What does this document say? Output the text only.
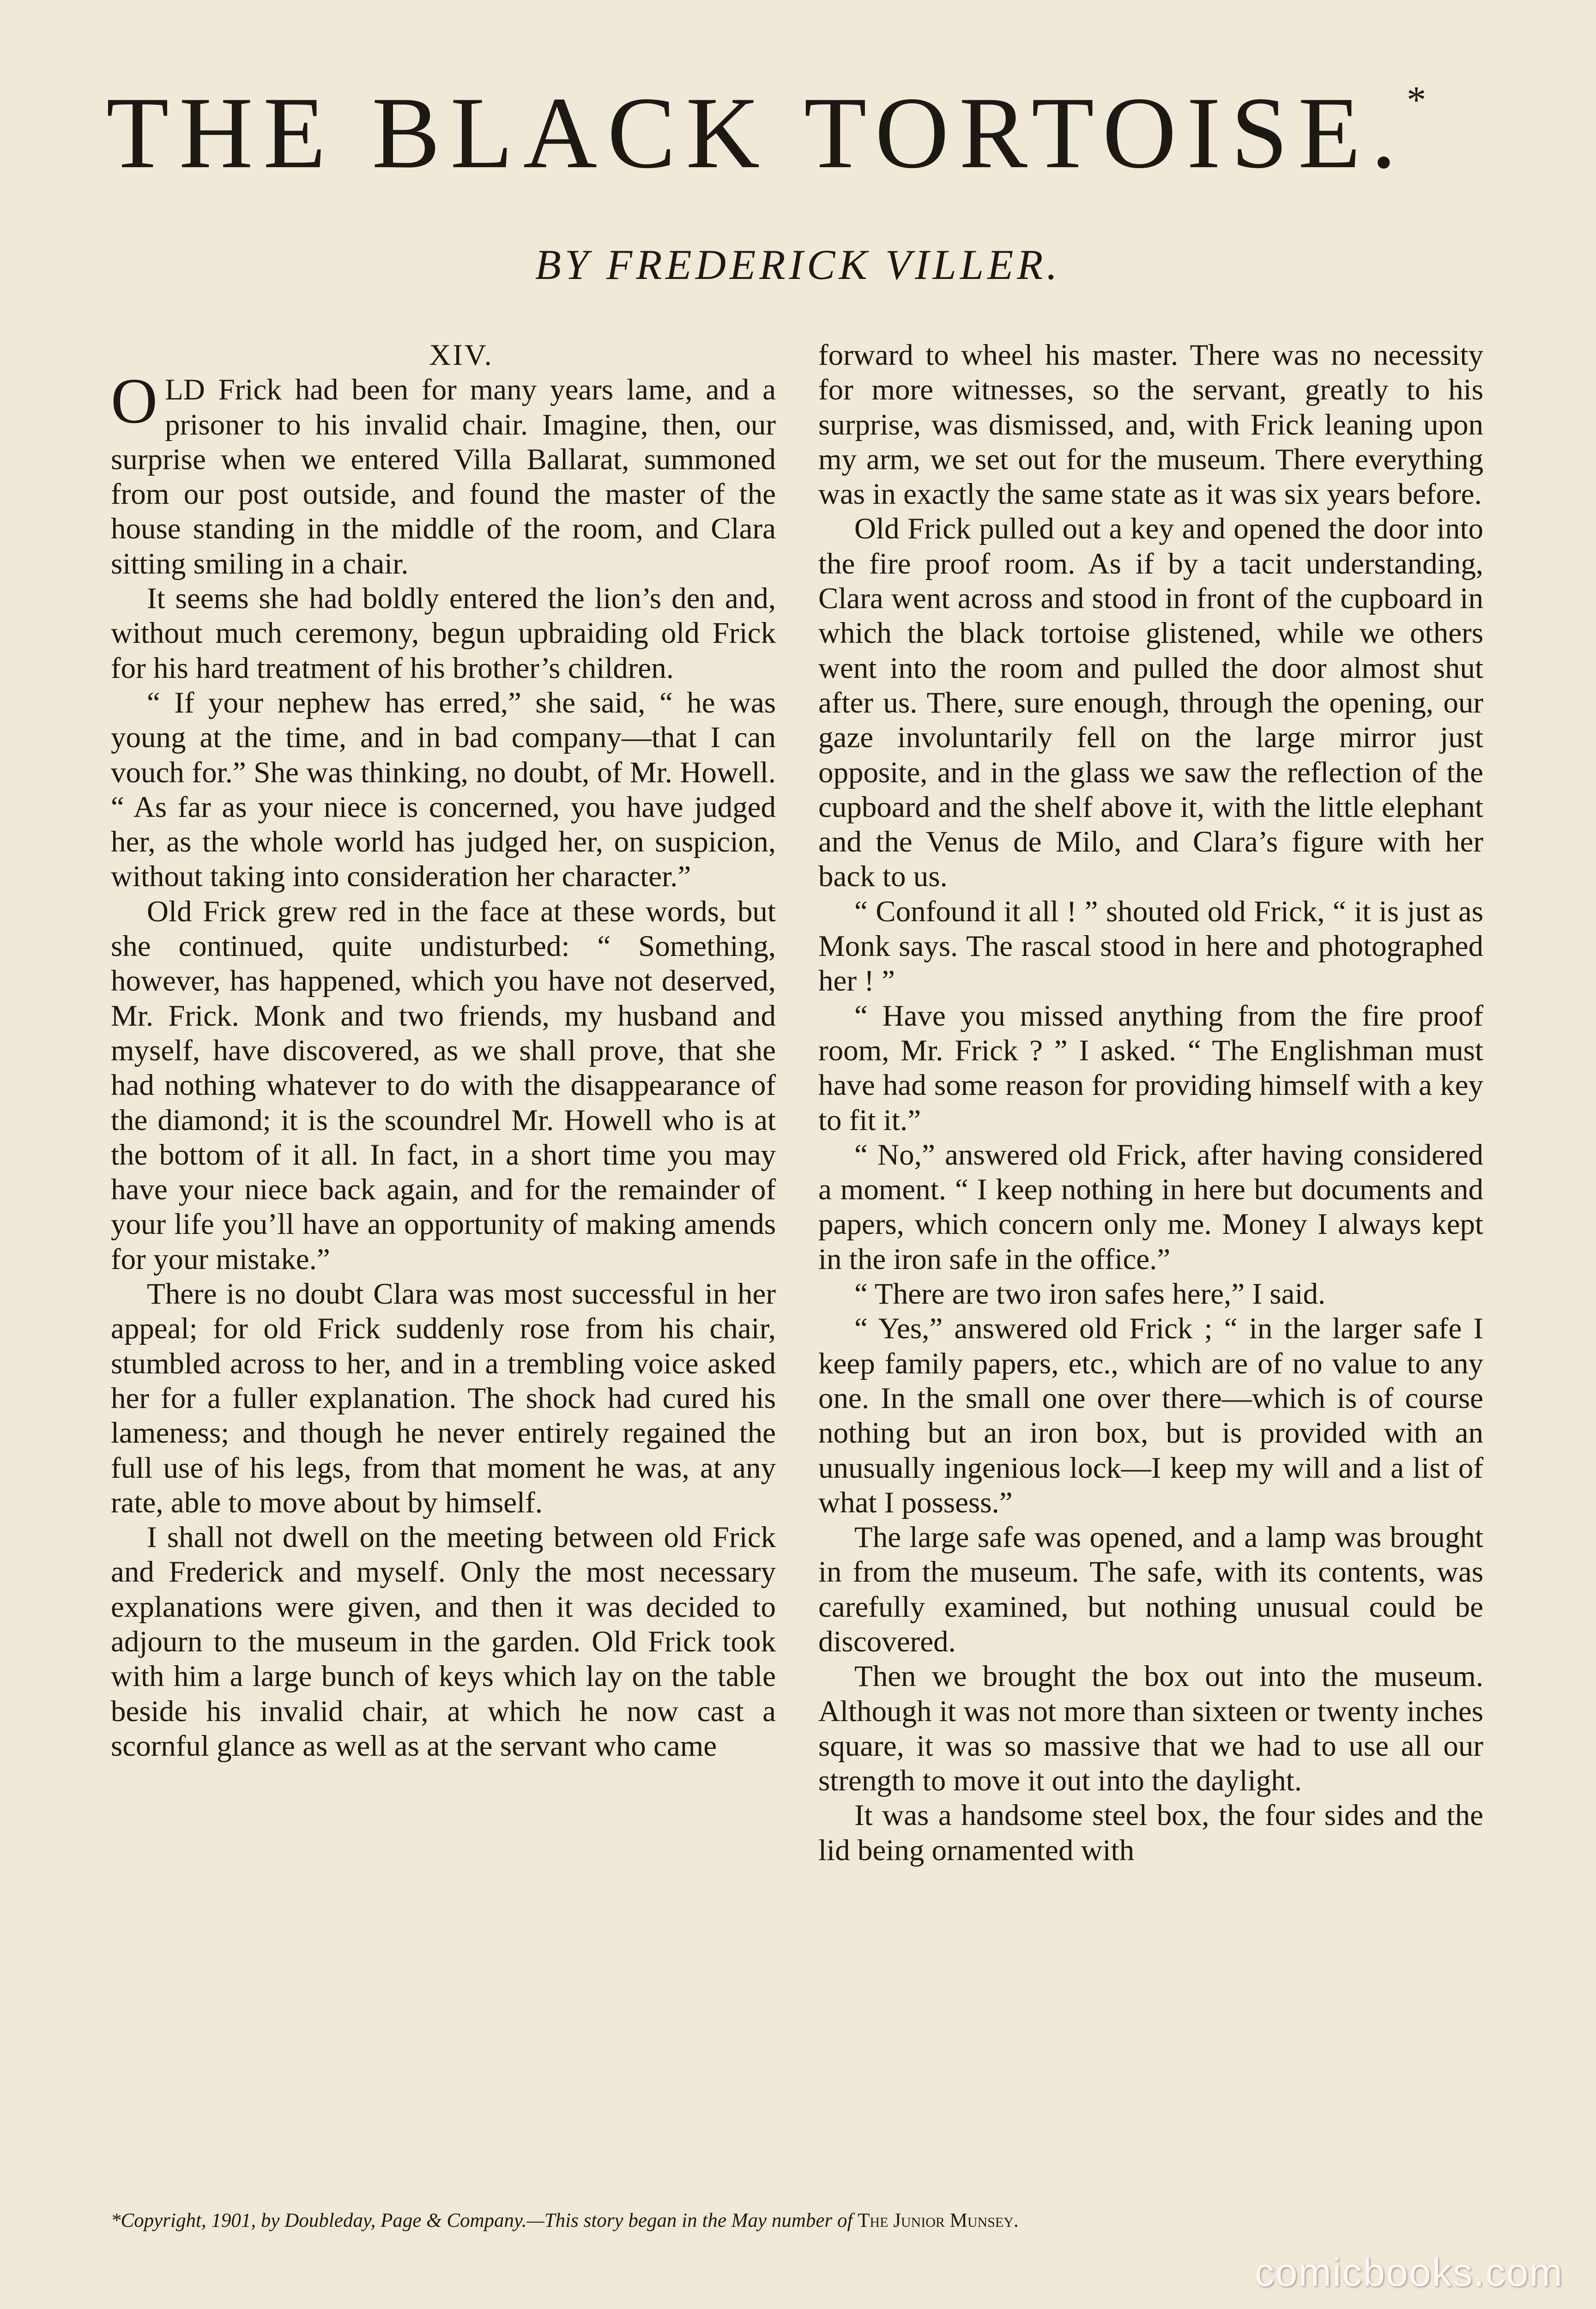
THE BLACK TORTOISE.*
BY FREDERICK VILLER.

XIV.

OLD Frick had been for many years lame, and a prisoner to his invalid chair. Imagine, then, our surprise when we entered Villa Ballarat, summoned from our post outside, and found the master of the house standing in the middle of the room, and Clara sitting smiling in a chair.

It seems she had boldly entered the lion’s den and, without much ceremony, begun upbraiding old Frick for his hard treatment of his brother’s children.

“ If your nephew has erred,” she said, “ he was young at the time, and in bad company—that I can vouch for.” She was thinking, no doubt, of Mr. Howell. “ As far as your niece is concerned, you have judged her, as the whole world has judged her, on suspicion, without taking into consideration her character.”

Old Frick grew red in the face at these words, but she continued, quite undisturbed: “ Something, however, has happened, which you have not deserved, Mr. Frick. Monk and two friends, my husband and myself, have discovered, as we shall prove, that she had nothing whatever to do with the disappearance of the diamond; it is the scoundrel Mr. Howell who is at the bottom of it all. In fact, in a short time you may have your niece back again, and for the remainder of your life you’ll have an opportunity of making amends for your mistake.”

There is no doubt Clara was most successful in her appeal; for old Frick suddenly rose from his chair, stumbled across to her, and in a trembling voice asked her for a fuller explanation. The shock had cured his lameness; and though he never entirely regained the full use of his legs, from that moment he was, at any rate, able to move about by himself.

I shall not dwell on the meeting between old Frick and Frederick and myself. Only the most necessary explanations were given, and then it was decided to adjourn to the museum in the garden. Old Frick took with him a large bunch of keys which lay on the table beside his invalid chair, at which he now cast a scornful glance as well as at the servant who came

forward to wheel his master. There was no necessity for more witnesses, so the servant, greatly to his surprise, was dismissed, and, with Frick leaning upon my arm, we set out for the museum. There everything was in exactly the same state as it was six years before.

Old Frick pulled out a key and opened the door into the fire proof room. As if by a tacit understanding, Clara went across and stood in front of the cupboard in which the black tortoise glistened, while we others went into the room and pulled the door almost shut after us. There, sure enough, through the opening, our gaze involuntarily fell on the large mirror just opposite, and in the glass we saw the reflection of the cupboard and the shelf above it, with the little elephant and the Venus de Milo, and Clara’s figure with her back to us.

“ Confound it all ! ” shouted old Frick, “ it is just as Monk says. The rascal stood in here and photographed her ! ”

“ Have you missed anything from the fire proof room, Mr. Frick ? ” I asked. “ The Englishman must have had some reason for providing himself with a key to fit it.”

“ No,” answered old Frick, after having considered a moment. “ I keep nothing in here but documents and papers, which concern only me. Money I always kept in the iron safe in the office.”

“ There are two iron safes here,” I said.

“ Yes,” answered old Frick ; “ in the larger safe I keep family papers, etc., which are of no value to any one. In the small one over there—which is of course nothing but an iron box, but is provided with an unusually ingenious lock—I keep my will and a list of what I possess.”

The large safe was opened, and a lamp was brought in from the museum. The safe, with its contents, was carefully examined, but nothing unusual could be discovered.

Then we brought the box out into the museum. Although it was not more than sixteen or twenty inches square, it was so massive that we had to use all our strength to move it out into the daylight.

It was a handsome steel box, the four sides and the lid being ornamented with

*Copyright, 1901, by Doubleday, Page & Company.—This story began in the May number of The Junior Munsey.
comicbooks.com
